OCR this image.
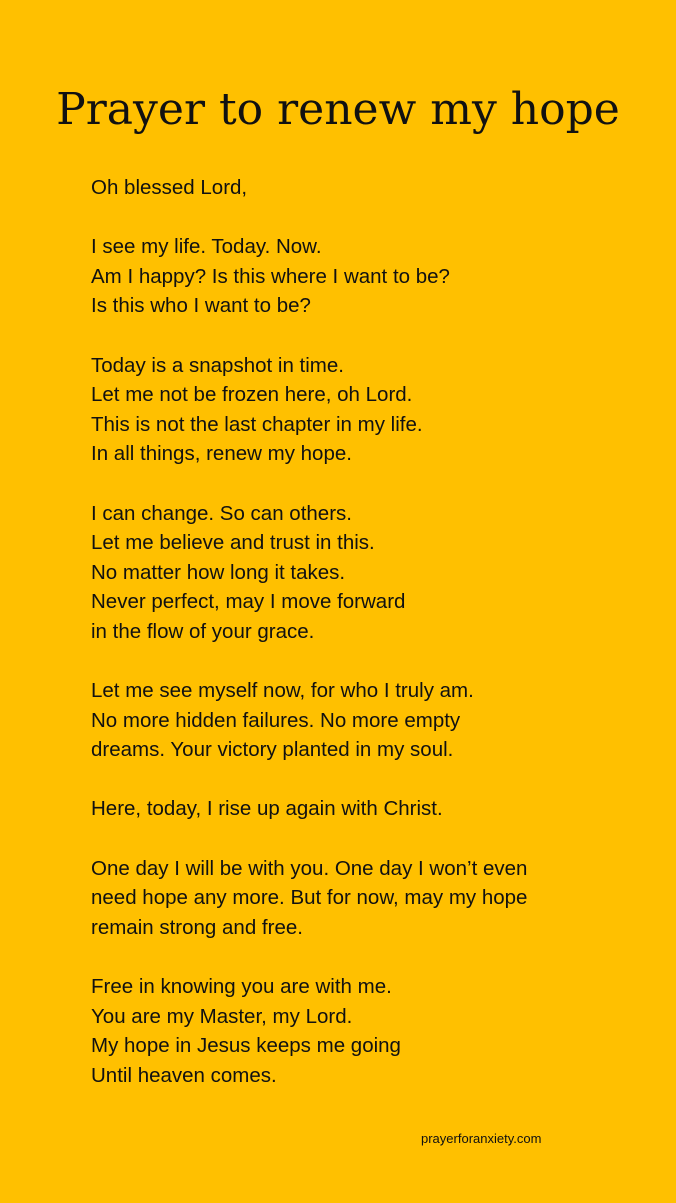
Prayer to renew my hope
Oh blessed Lord,
I see my life. Today. Now.
Am I happy? Is this where I want to be?
Is this who I want to be?
Today is a snapshot in time.
Let me not be frozen here, oh Lord.
This is not the last chapter in my life.
In all things, renew my hope.
I can change. So can others.
Let me believe and trust in this.
No matter how long it takes.
Never perfect, may I move forward
in the flow of your grace.
Let me see myself now, for who I truly am.
No more hidden failures. No more empty
dreams. Your victory planted in my soul.
Here, today, I rise up again with Christ.
One day I will be with you. One day I won’t even
need hope any more. But for now, may my hope
remain strong and free.
Free in knowing you are with me.
You are my Master, my Lord.
My hope in Jesus keeps me going
Until heaven comes.
prayerforanxiety.com
